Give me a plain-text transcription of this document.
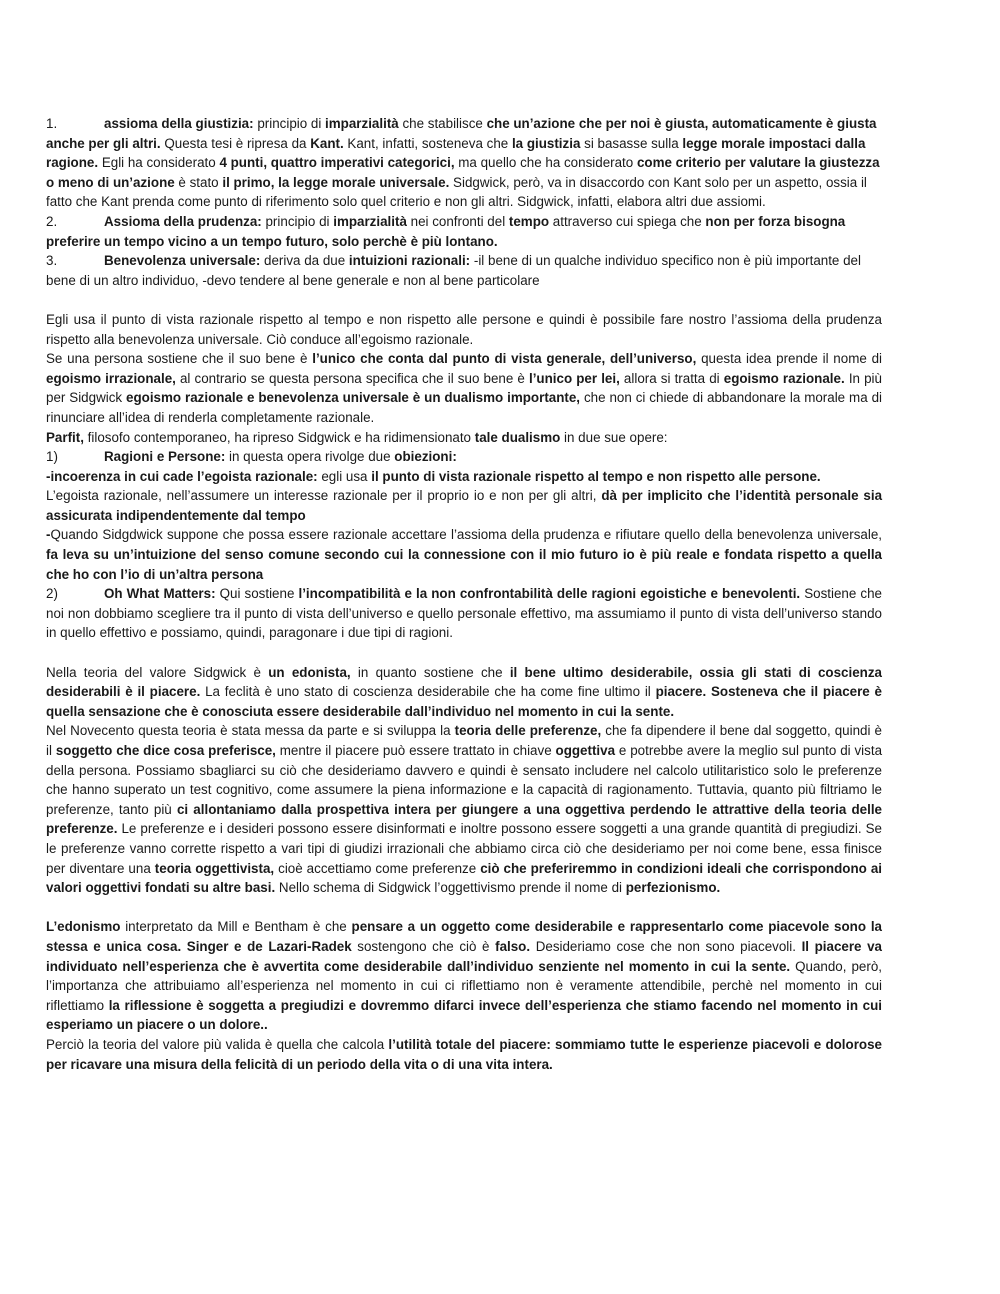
1.	assioma della giustizia: principio di imparzialità che stabilisce che un’azione che per noi è giusta, automaticamente è giusta anche per gli altri. Questa tesi è ripresa da Kant. Kant, infatti, sosteneva che la giustizia si basasse sulla legge morale impostaci dalla ragione. Egli ha considerato 4 punti, quattro imperativi categorici, ma quello che ha considerato come criterio per valutare la giustezza o meno di un’azione è stato il primo, la legge morale universale. Sidgwick, però, va in disaccordo con Kant solo per un aspetto, ossia il fatto che Kant prenda come punto di riferimento solo quel criterio e non gli altri. Sidgwick, infatti, elabora altri due assiomi.

2.	Assioma della prudenza: principio di imparzialità nei confronti del tempo attraverso cui spiega che non per forza bisogna preferire un tempo vicino a un tempo futuro, solo perchè è più lontano.

3.	Benevolenza universale: deriva da due intuizioni razionali: -il bene di un qualche individuo specifico non è più importante del bene di un altro individuo, -devo tendere al bene generale e non al bene particolare

Egli usa il punto di vista razionale rispetto al tempo e non rispetto alle persone e quindi è possibile fare nostro l’assioma della prudenza rispetto alla benevolenza universale. Ciò conduce all’egoismo razionale.

Se una persona sostiene che il suo bene è l’unico che conta dal punto di vista generale, dell’universo, questa idea prende il nome di egoismo irrazionale, al contrario se questa persona specifica che il suo bene è l’unico per lei, allora si tratta di egoismo razionale. In più per Sidgwick egoismo razionale e benevolenza universale è un dualismo importante, che non ci chiede di abbandonare la morale ma di rinunciare all’idea di renderla completamente razionale.

Parfit, filosofo contemporaneo, ha ripreso Sidgwick e ha ridimensionato tale dualismo in due sue opere:

1)	Ragioni e Persone: in questa opera rivolge due obiezioni:

-incoerenza in cui cade l’egoista razionale: egli usa il punto di vista razionale rispetto al tempo e non rispetto alle persone.

L’egoista razionale, nell’assumere un interesse razionale per il proprio io e non per gli altri, dà per implicito che l’identità personale sia assicurata indipendentemente dal tempo

-Quando Sidgdwick suppone che possa essere razionale accettare l’assioma della prudenza e rifiutare quello della benevolenza universale, fa leva su un’intuizione del senso comune secondo cui la connessione con il mio futuro io è più reale e fondata rispetto a quella che ho con l’io di un’altra persona

2)	Oh What Matters: Qui sostiene l’incompatibilità e la non confrontabilità delle ragioni egoistiche e benevolenti. Sostiene che noi non dobbiamo scegliere tra il punto di vista dell’universo e quello personale effettivo, ma assumiamo il punto di vista dell’universo stando in quello effettivo e possiamo, quindi, paragonare i due tipi di ragioni.

Nella teoria del valore Sidgwick è un edonista, in quanto sostiene che il bene ultimo desiderabile, ossia gli stati di coscienza desiderabili è il piacere. La feclità è uno stato di coscienza desiderabile che ha come fine ultimo il piacere. Sosteneva che il piacere è quella sensazione che è conosciuta essere desiderabile dall’individuo nel momento in cui la sente.

Nel Novecento questa teoria è stata messa da parte e si sviluppa la teoria delle preferenze, che fa dipendere il bene dal soggetto, quindi è il soggetto che dice cosa preferisce, mentre il piacere può essere trattato in chiave oggettiva e potrebbe avere la meglio sul punto di vista della persona. Possiamo sbagliarci su ciò che desideriamo davvero e quindi è sensato includere nel calcolo utilitaristico solo le preferenze che hanno superato un test cognitivo, come assumere la piena informazione e la capacità di ragionamento. Tuttavia, quanto più filtriamo le preferenze, tanto più ci allontaniamo dalla prospettiva intera per giungere a una oggettiva perdendo le attrattive della teoria delle preferenze. Le preferenze e i desideri possono essere disinformati e inoltre possono essere soggetti a una grande quantità di pregiudizi. Se le preferenze vanno corrette rispetto a vari tipi di giudizi irrazionali che abbiamo circa ciò che desideriamo per noi come bene, essa finisce per diventare una teoria oggettivista, cioè accettiamo come preferenze ciò che preferiremmo in condizioni ideali che corrispondono ai valori oggettivi fondati su altre basi. Nello schema di Sidgwick l’oggettivismo prende il nome di perfezionismo.

L’edonismo interpretato da Mill e Bentham è che pensare a un oggetto come desiderabile e rappresentarlo come piacevole sono la stessa e unica cosa. Singer e de Lazari-Radek sostengono che ciò è falso. Desideriamo cose che non sono piacevoli. Il piacere va individuato nell’esperienza che è avvertita come desiderabile dall’individuo senziente nel momento in cui la sente. Quando, però, l’importanza che attribuiamo all’esperienza nel momento in cui ci riflettiamo non è veramente attendibile, perchè nel momento in cui riflettiamo la riflessione è soggetta a pregiudizi e dovremmo difarci invece dell’esperienza che stiamo facendo nel momento in cui esperiamo un piacere o un dolore..

Perciò la teoria del valore più valida è quella che calcola l’utilità totale del piacere: sommiamo tutte le esperienze piacevoli e dolorose per ricavare una misura della felicità di un periodo della vita o di una vita intera.
